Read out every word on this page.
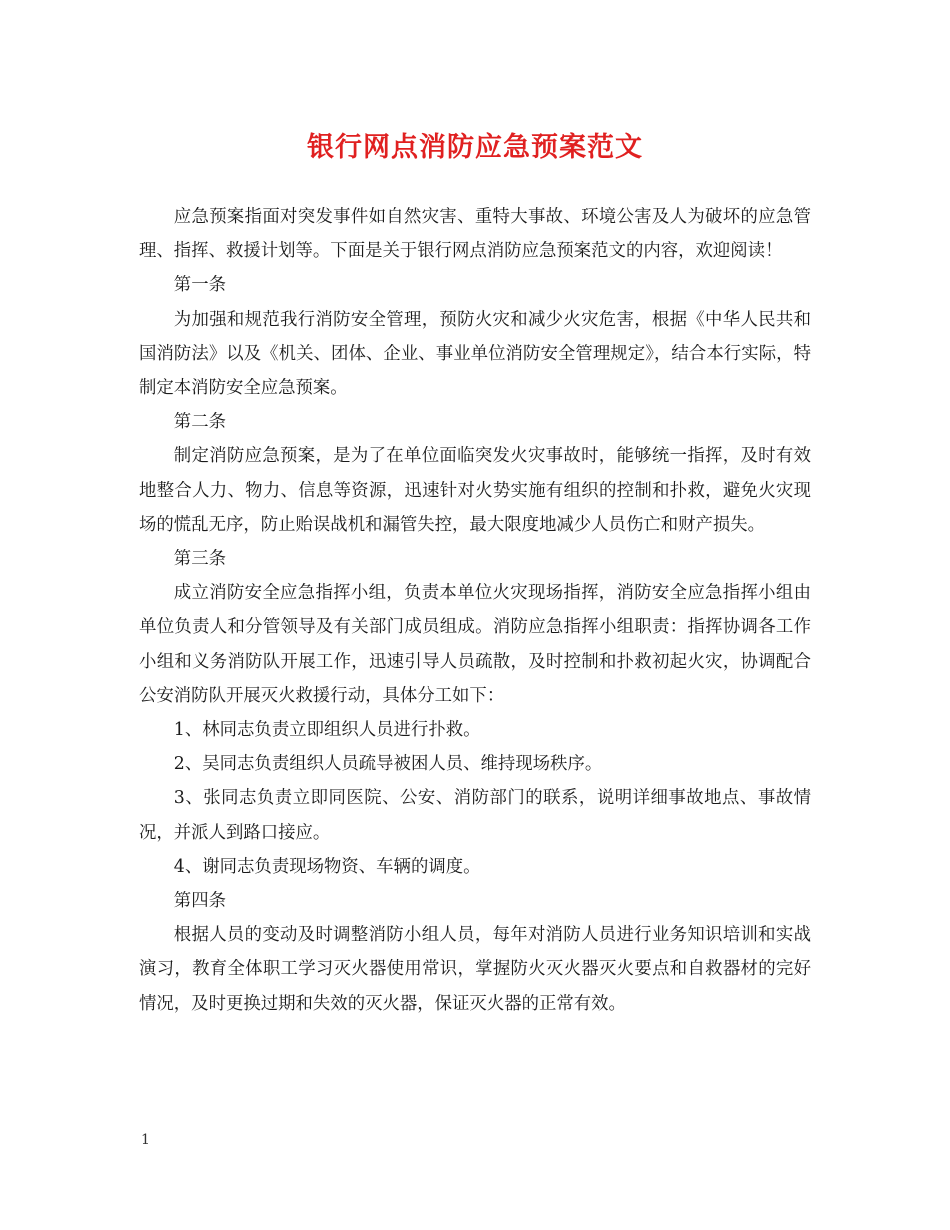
银行网点消防应急预案范文

应急预案指面对突发事件如自然灾害、重特大事故、环境公害及人为破坏的应急管理、指挥、救援计划等。下面是关于银行网点消防应急预案范文的内容，欢迎阅读！

第一条

为加强和规范我行消防安全管理，预防火灾和减少火灾危害，根据《中华人民共和国消防法》以及《机关、团体、企业、事业单位消防安全管理规定》，结合本行实际，特制定本消防安全应急预案。

第二条

制定消防应急预案，是为了在单位面临突发火灾事故时，能够统一指挥，及时有效地整合人力、物力、信息等资源，迅速针对火势实施有组织的控制和扑救，避免火灾现场的慌乱无序，防止贻误战机和漏管失控，最大限度地减少人员伤亡和财产损失。

第三条

成立消防安全应急指挥小组，负责本单位火灾现场指挥，消防安全应急指挥小组由单位负责人和分管领导及有关部门成员组成。消防应急指挥小组职责：指挥协调各工作小组和义务消防队开展工作，迅速引导人员疏散，及时控制和扑救初起火灾，协调配合公安消防队开展灭火救援行动，具体分工如下：

1、林同志负责立即组织人员进行扑救。

2、吴同志负责组织人员疏导被困人员、维持现场秩序。

3、张同志负责立即同医院、公安、消防部门的联系，说明详细事故地点、事故情况，并派人到路口接应。

4、谢同志负责现场物资、车辆的调度。

第四条

根据人员的变动及时调整消防小组人员，每年对消防人员进行业务知识培训和实战演习，教育全体职工学习灭火器使用常识，掌握防火灭火器灭火要点和自救器材的完好情况，及时更换过期和失效的灭火器，保证灭火器的正常有效。

1
